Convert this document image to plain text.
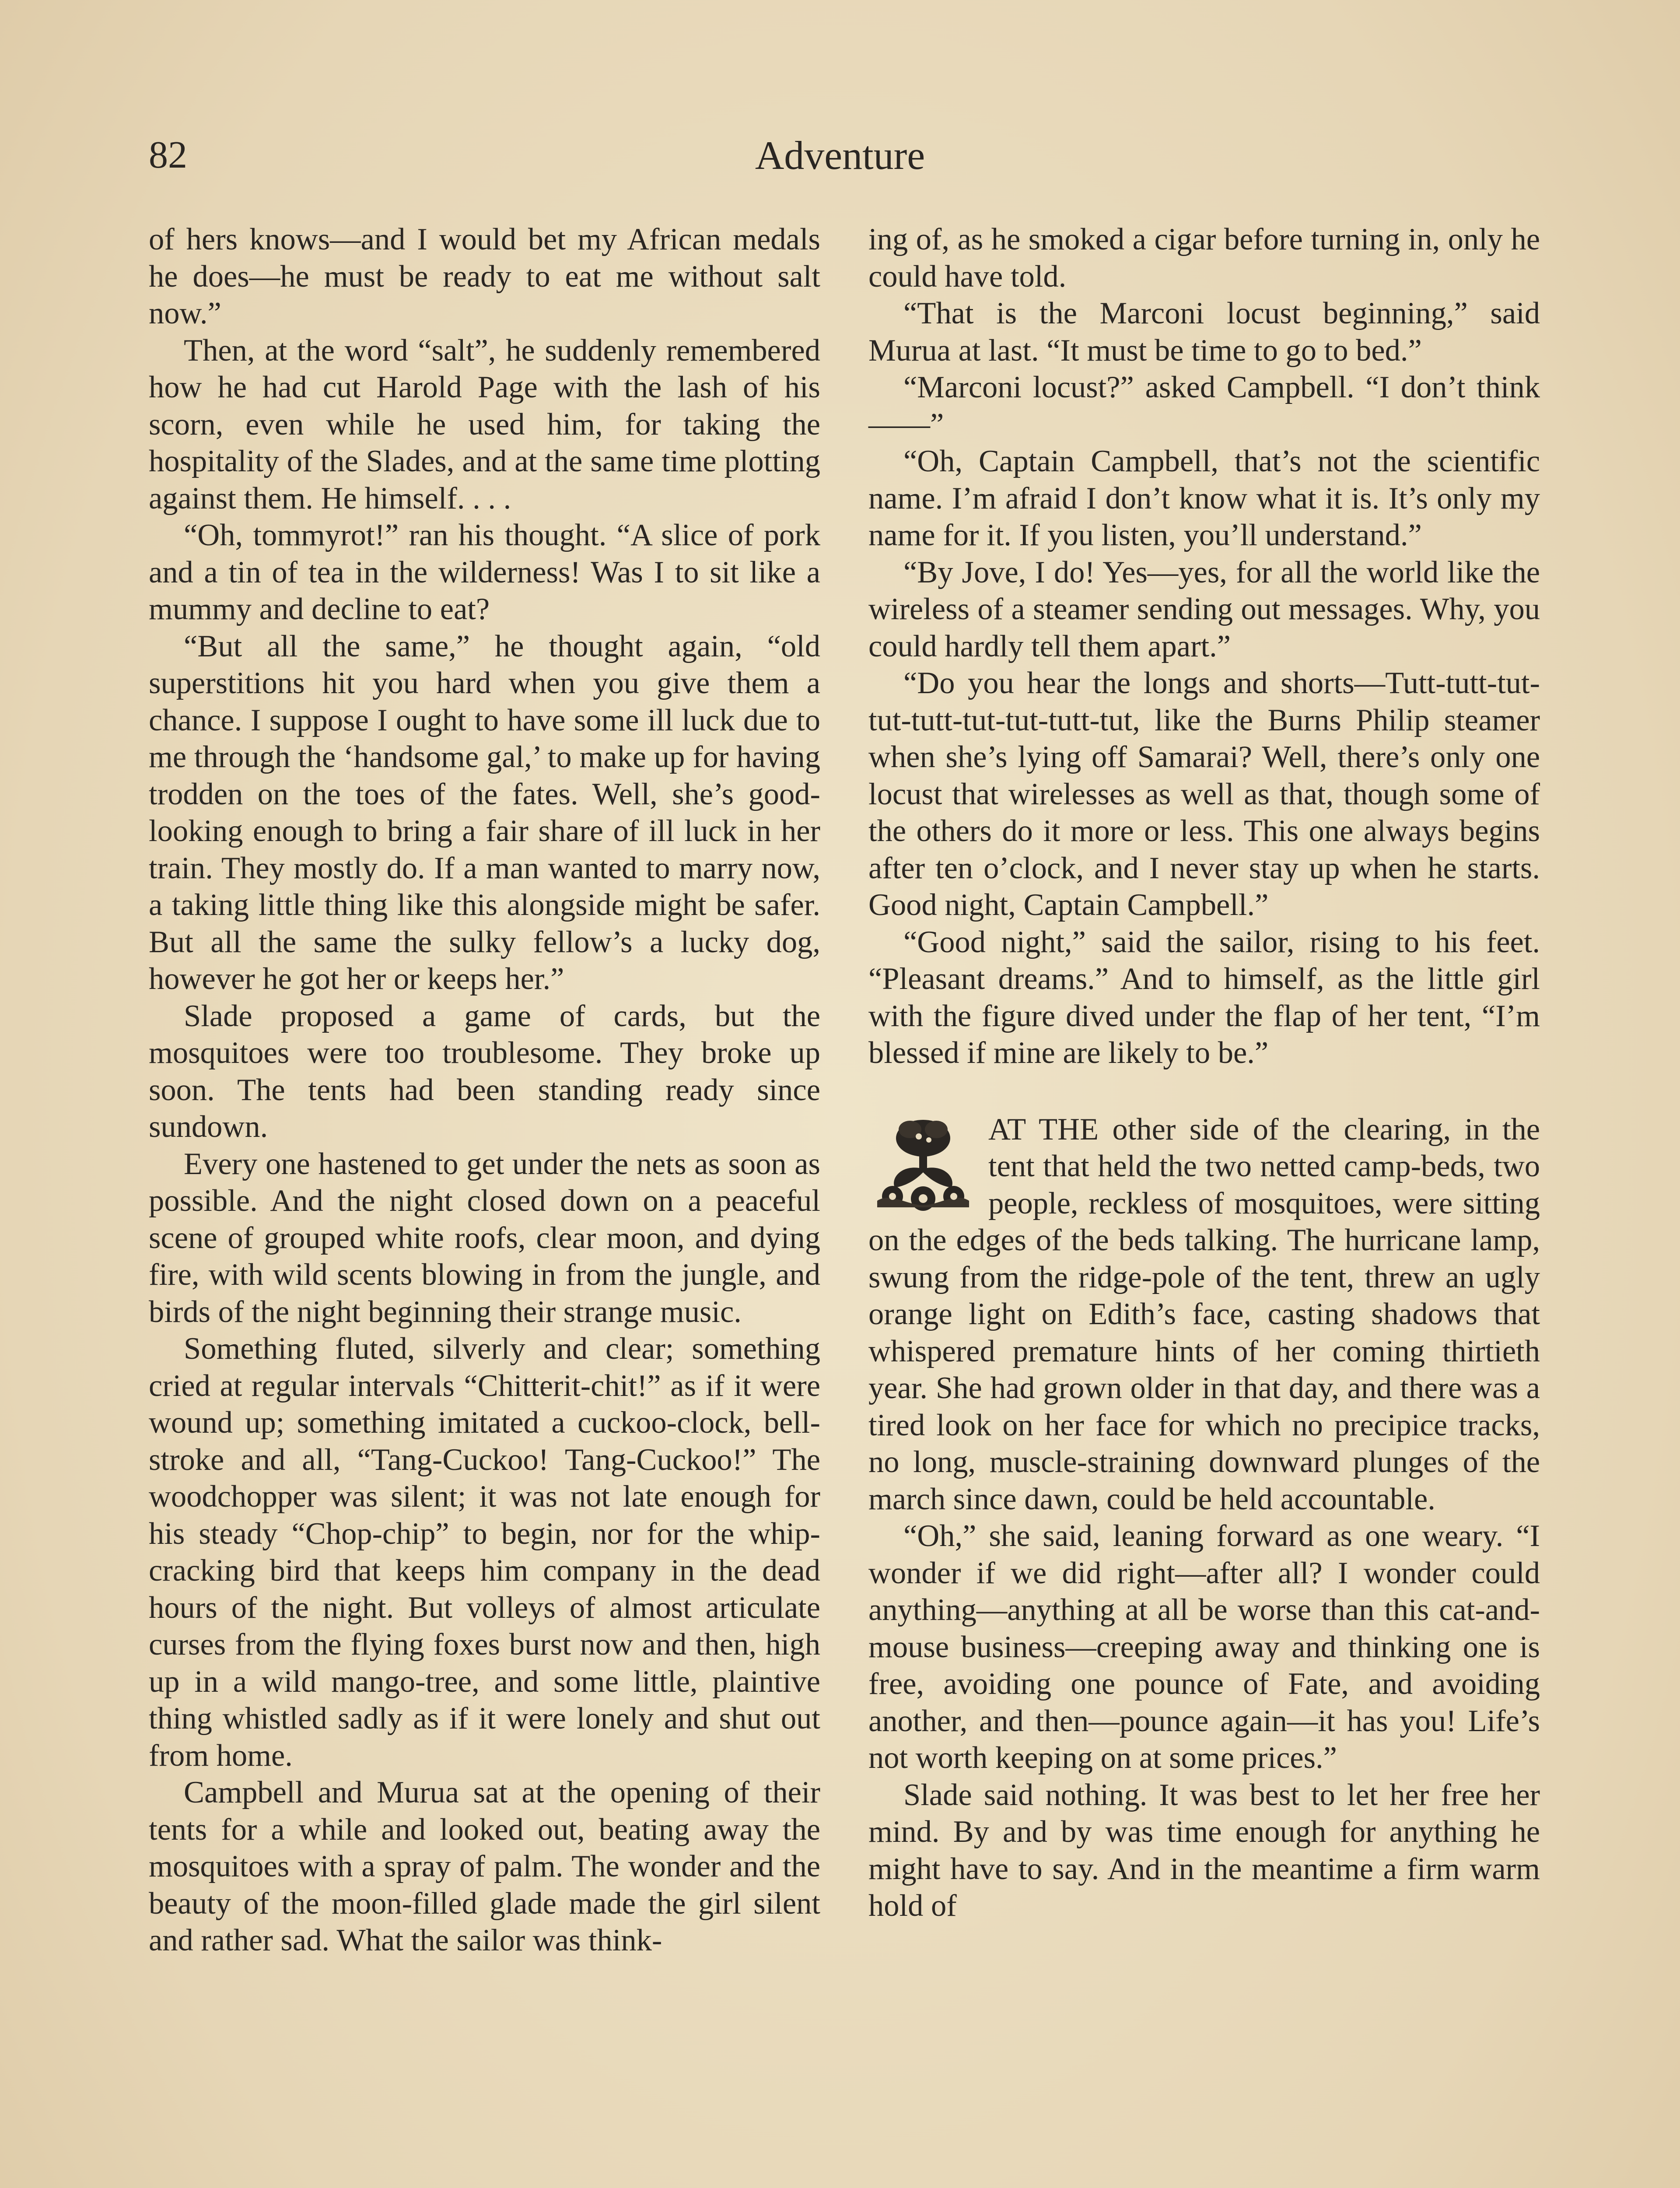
82	Adventure

of hers knows—and I would bet my African medals he does—he must be ready to eat me without salt now.”

Then, at the word “salt”, he suddenly remembered how he had cut Harold Page with the lash of his scorn, even while he used him, for taking the hospitality of the Slades, and at the same time plotting against them. He himself. . . .

“Oh, tommyrot!” ran his thought. “A slice of pork and a tin of tea in the wilderness! Was I to sit like a mummy and decline to eat?

“But all the same,” he thought again, “old superstitions hit you hard when you give them a chance. I suppose I ought to have some ill luck due to me through the ‘handsome gal,’ to make up for having trodden on the toes of the fates. Well, she’s good-looking enough to bring a fair share of ill luck in her train. They mostly do. If a man wanted to marry now, a taking little thing like this alongside might be safer. But all the same the sulky fellow’s a lucky dog, however he got her or keeps her.”

Slade proposed a game of cards, but the mosquitoes were too troublesome. They broke up soon. The tents had been standing ready since sundown.

Every one hastened to get under the nets as soon as possible. And the night closed down on a peaceful scene of grouped white roofs, clear moon, and dying fire, with wild scents blowing in from the jungle, and birds of the night beginning their strange music.

Something fluted, silverly and clear; something cried at regular intervals “Chitterit-chit!” as if it were wound up; something imitated a cuckoo-clock, bell-stroke and all, “Tang-Cuckoo! Tang-Cuckoo!” The woodchopper was silent; it was not late enough for his steady “Chop-chip” to begin, nor for the whip-cracking bird that keeps him company in the dead hours of the night. But volleys of almost articulate curses from the flying foxes burst now and then, high up in a wild mango-tree, and some little, plaintive thing whistled sadly as if it were lonely and shut out from home.

Campbell and Murua sat at the opening of their tents for a while and looked out, beating away the mosquitoes with a spray of palm. The wonder and the beauty of the moon-filled glade made the girl silent and rather sad. What the sailor was think-

ing of, as he smoked a cigar before turning in, only he could have told.

“That is the Marconi locust beginning,” said Murua at last. “It must be time to go to bed.”

“Marconi locust?” asked Campbell. “I don’t think——”

“Oh, Captain Campbell, that’s not the scientific name. I’m afraid I don’t know what it is. It’s only my name for it. If you listen, you’ll understand.”

“By Jove, I do! Yes—yes, for all the world like the wireless of a steamer sending out messages. Why, you could hardly tell them apart.”

“Do you hear the longs and shorts—Tutt-tutt-tut-tut-tutt-tut-tut-tutt-tut, like the Burns Philip steamer when she’s lying off Samarai? Well, there’s only one locust that wirelesses as well as that, though some of the others do it more or less. This one always begins after ten o’clock, and I never stay up when he starts. Good night, Captain Campbell.”

“Good night,” said the sailor, rising to his feet. “Pleasant dreams.” And to himself, as the little girl with the figure dived under the flap of her tent, “I’m blessed if mine are likely to be.”

AT THE other side of the clearing, in the tent that held the two netted camp-beds, two people, reckless of mosquitoes, were sitting on the edges of the beds talking. The hurricane lamp, swung from the ridge-pole of the tent, threw an ugly orange light on Edith’s face, casting shadows that whispered premature hints of her coming thirtieth year. She had grown older in that day, and there was a tired look on her face for which no precipice tracks, no long, muscle-straining downward plunges of the march since dawn, could be held accountable.

“Oh,” she said, leaning forward as one weary. “I wonder if we did right—after all? I wonder could anything—anything at all be worse than this cat-and-mouse business—creeping away and thinking one is free, avoiding one pounce of Fate, and avoiding another, and then—pounce again—it has you! Life’s not worth keeping on at some prices.”

Slade said nothing. It was best to let her free her mind. By and by was time enough for anything he might have to say. And in the meantime a firm warm hold of
